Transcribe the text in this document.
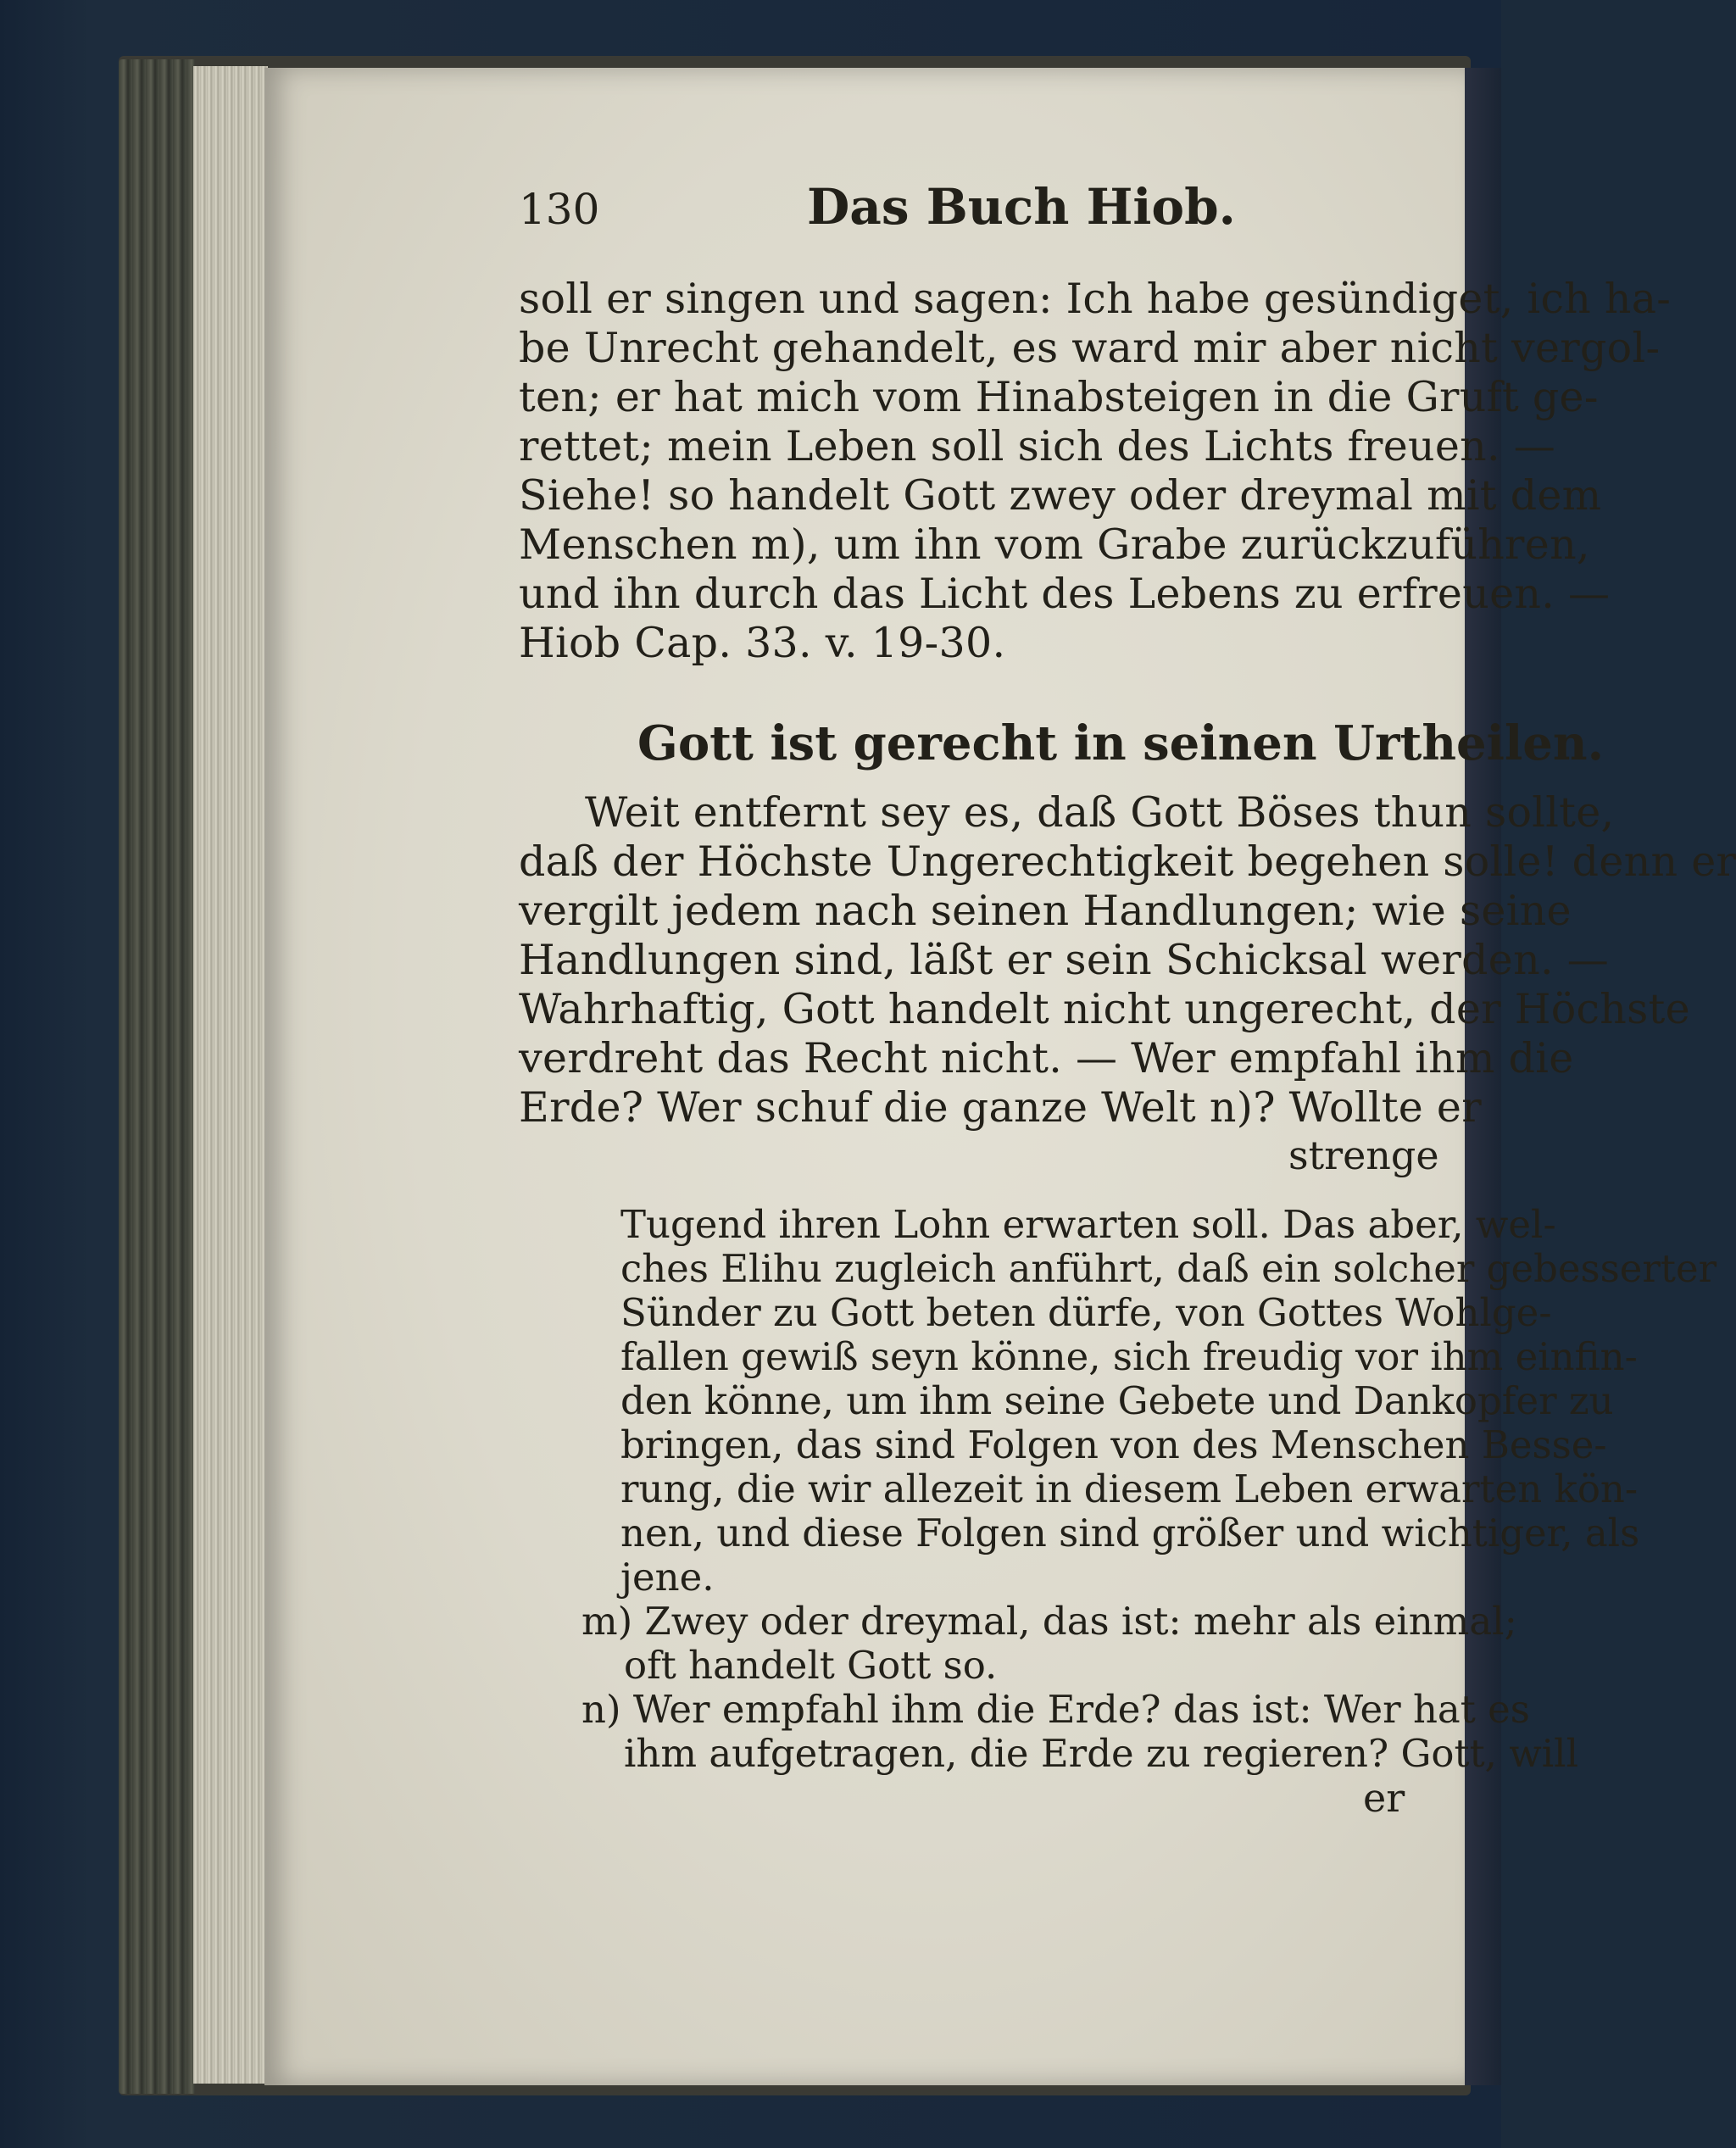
130	Das Buch Hiob.
soll er singen und sagen: Ich habe gesündiget, ich ha-
be Unrecht gehandelt, es ward mir aber nicht vergol-
ten; er hat mich vom Hinabsteigen in die Gruft ge-
rettet; mein Leben soll sich des Lichts freuen. —
Siehe! so handelt Gott zwey oder dreymal mit dem
Menschen m), um ihn vom Grabe zurückzuführen,
und ihn durch das Licht des Lebens zu erfreuen. —
Hiob Cap. 33. v. 19-30.
Gott ist gerecht in seinen Urtheilen.
Weit entfernt sey es, daß Gott Böses thun sollte,
daß der Höchste Ungerechtigkeit begehen solle! denn er
vergilt jedem nach seinen Handlungen; wie seine
Handlungen sind, läßt er sein Schicksal werden. —
Wahrhaftig, Gott handelt nicht ungerecht, der Höchste
verdreht das Recht nicht. — Wer empfahl ihm die
Erde? Wer schuf die ganze Welt n)? Wollte er
strenge
Tugend ihren Lohn erwarten soll. Das aber, wel-
ches Elihu zugleich anführt, daß ein solcher gebesserter
Sünder zu Gott beten dürfe, von Gottes Wohlge-
fallen gewiß seyn könne, sich freudig vor ihm einfin-
den könne, um ihm seine Gebete und Dankopfer zu
bringen, das sind Folgen von des Menschen Besse-
rung, die wir allezeit in diesem Leben erwarten kön-
nen, und diese Folgen sind größer und wichtiger, als
jene.
m) Zwey oder dreymal, das ist: mehr als einmal;
oft handelt Gott so.
n) Wer empfahl ihm die Erde? das ist: Wer hat es
ihm aufgetragen, die Erde zu regieren? Gott, will
er
